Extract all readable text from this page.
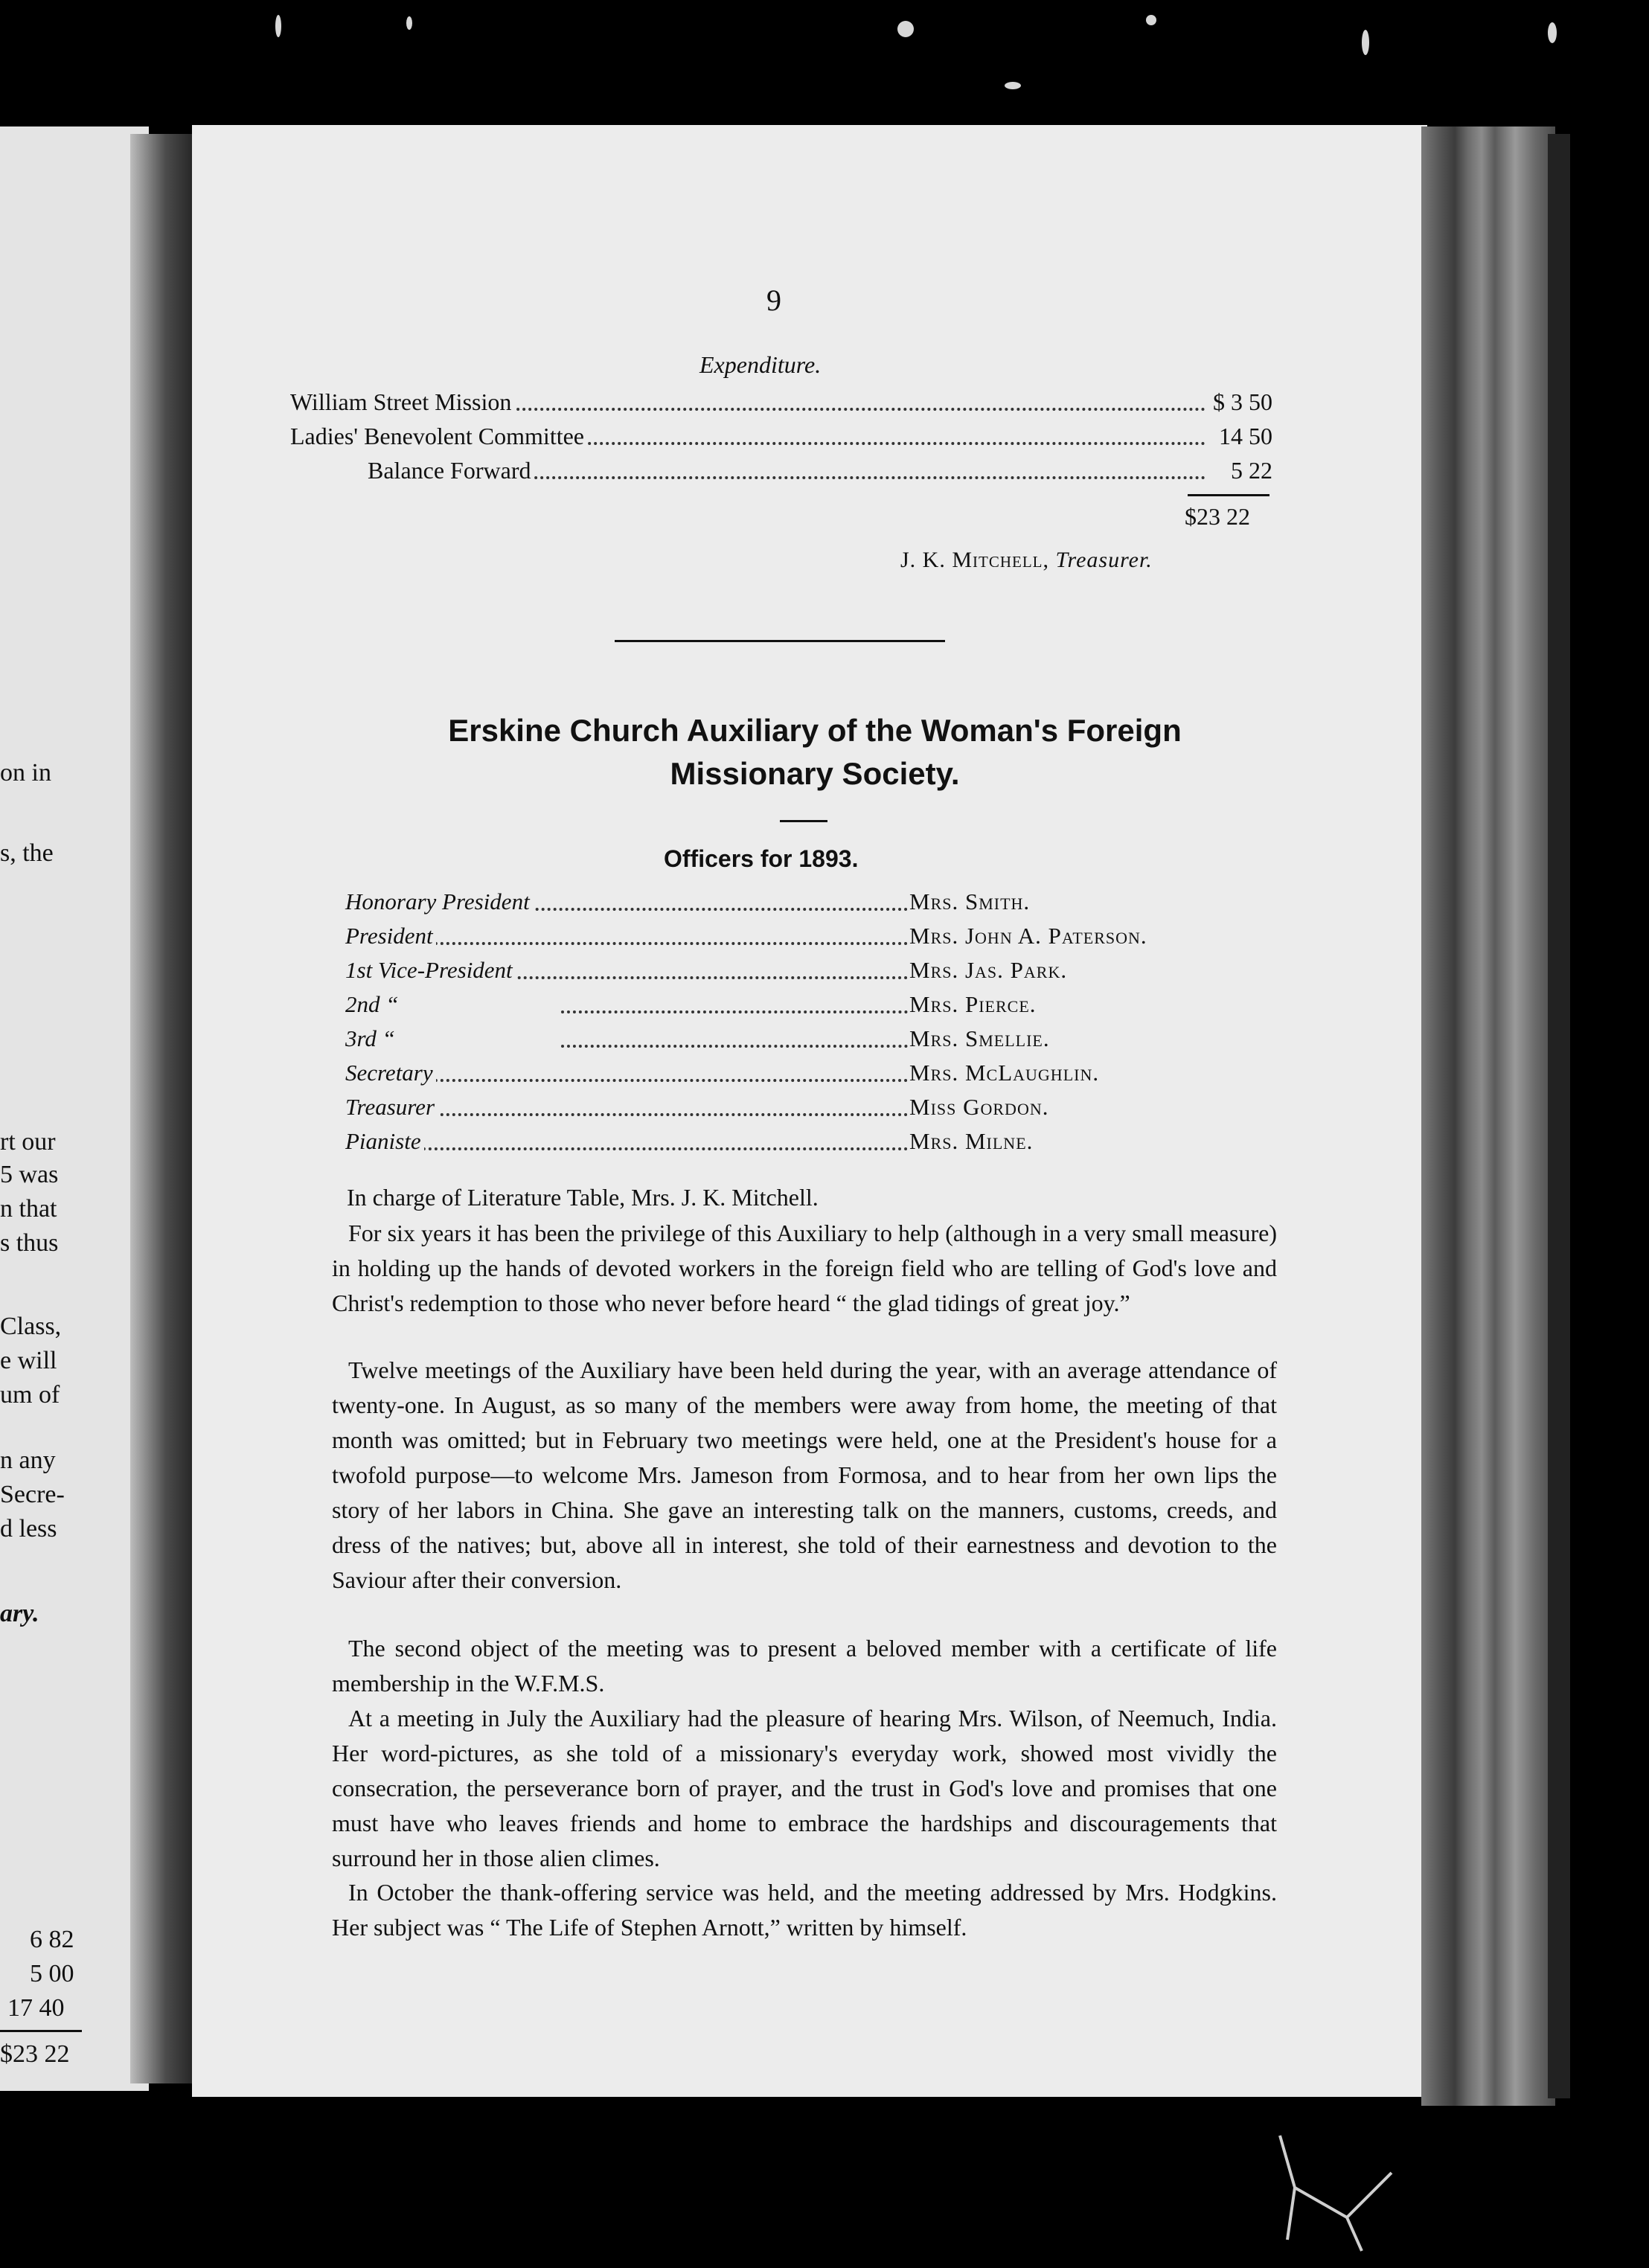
on in
s, the
rt our
5 was
n that
s thus
Class,
e will
um of
n any
Secre-
d less
ary.
6 82
5 00
17 40
$23 22
9
Expenditure.
William Street Mission	$ 3 50
Ladies' Benevolent Committee	14 50
Balance Forward	5 22
$23 22
J. K. Mitchell, Treasurer.
Erskine Church Auxiliary of the Woman's Foreign
Missionary Society.
Officers for 1893.
Honorary President	Mrs. Smith.
President	Mrs. John A. Paterson.
1st Vice-President	Mrs. Jas. Park.
2nd “	Mrs. Pierce.
3rd “	Mrs. Smellie.
Secretary	Mrs. McLaughlin.
Treasurer	Miss Gordon.
Pianiste	Mrs. Milne.
In charge of Literature Table, Mrs. J. K. Mitchell.
For six years it has been the privilege of this Auxiliary to help (although in a very small measure) in holding up the hands of devoted workers in the foreign field who are telling of God's love and Christ's redemption to those who never before heard “ the glad tidings of great joy.”
Twelve meetings of the Auxiliary have been held during the year, with an average attendance of twenty-one. In August, as so many of the members were away from home, the meeting of that month was omitted; but in February two meetings were held, one at the President's house for a twofold purpose—to welcome Mrs. Jameson from Formosa, and to hear from her own lips the story of her labors in China. She gave an interesting talk on the manners, customs, creeds, and dress of the natives; but, above all in interest, she told of their earnestness and devotion to the Saviour after their conversion.
The second object of the meeting was to present a beloved member with a certificate of life membership in the W.F.M.S.
At a meeting in July the Auxiliary had the pleasure of hearing Mrs. Wilson, of Neemuch, India. Her word-pictures, as she told of a missionary's everyday work, showed most vividly the consecration, the perseverance born of prayer, and the trust in God's love and promises that one must have who leaves friends and home to embrace the hardships and discouragements that surround her in those alien climes.
In October the thank-offering service was held, and the meeting addressed by Mrs. Hodgkins. Her subject was “ The Life of Stephen Arnott,” written by himself.
